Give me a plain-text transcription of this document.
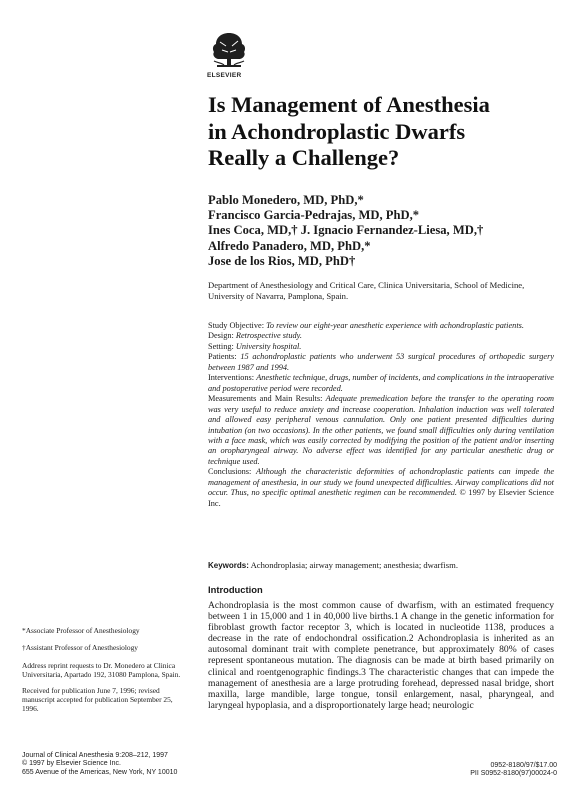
ELSEVIER
Is Management of Anesthesia
in Achondroplastic Dwarfs
Really a Challenge?
Pablo Monedero, MD, PhD,*
Francisco Garcia-Pedrajas, MD, PhD,*
Ines Coca, MD,† J. Ignacio Fernandez-Liesa, MD,†
Alfredo Panadero, MD, PhD,*
Jose de los Rios, MD, PhD†
Department of Anesthesiology and Critical Care, Clinica Universitaria, School of Medicine, University of Navarra, Pamplona, Spain.

Study Objective: To review our eight-year anesthetic experience with achondroplastic patients.

Design: Retrospective study.

Setting: University hospital.

Patients: 15 achondroplastic patients who underwent 53 surgical procedures of orthopedic surgery between 1987 and 1994.

Interventions: Anesthetic technique, drugs, number of incidents, and complications in the intraoperative and postoperative period were recorded.

Measurements and Main Results: Adequate premedication before the transfer to the operating room was very useful to reduce anxiety and increase cooperation. Inhalation induction was well tolerated and allowed easy peripheral venous cannulation. Only one patient presented difficulties during intubation (on two occasions). In the other patients, we found small difficulties only during ventilation with a face mask, which was easily corrected by modifying the position of the patient and/or inserting an oropharyngeal airway. No adverse effect was identified for any particular anesthetic drug or technique used.

Conclusions: Although the characteristic deformities of achondroplastic patients can impede the management of anesthesia, in our study we found unexpected difficulties. Airway complications did not occur. Thus, no specific optimal anesthetic regimen can be recommended. © 1997 by Elsevier Science Inc.

Keywords: Achondroplasia; airway management; anesthesia; dwarfism.
Introduction

Achondroplasia is the most common cause of dwarfism, with an estimated frequency between 1 in 15,000 and 1 in 40,000 live births.1 A change in the genetic information for fibroblast growth factor receptor 3, which is located in nucleotide 1138, produces a decrease in the rate of endochondral ossification.2 Achondroplasia is inherited as an autosomal dominant trait with complete penetrance, but approximately 80% of cases represent spontaneous mutation. The diagnosis can be made at birth based primarily on clinical and roentgenographic findings.3 The characteristic changes that can impede the management of anesthesia are a large protruding forehead, depressed nasal bridge, short maxilla, large mandible, large tongue, tonsil enlargement, nasal, pharyngeal, and laryngeal hypoplasia, and a disproportionately large head; neurologic

*Associate Professor of Anesthesiology

†Assistant Professor of Anesthesiology

Address reprint requests to Dr. Monedero at Clinica Universitaria, Apartado 192, 31080 Pamplona, Spain.

Received for publication June 7, 1996; revised manuscript accepted for publication September 25, 1996.

Journal of Clinical Anesthesia 9:208–212, 1997
© 1997 by Elsevier Science Inc.
655 Avenue of the Americas, New York, NY 10010
0952-8180/97/$17.00
PII S0952-8180(97)00024-0
